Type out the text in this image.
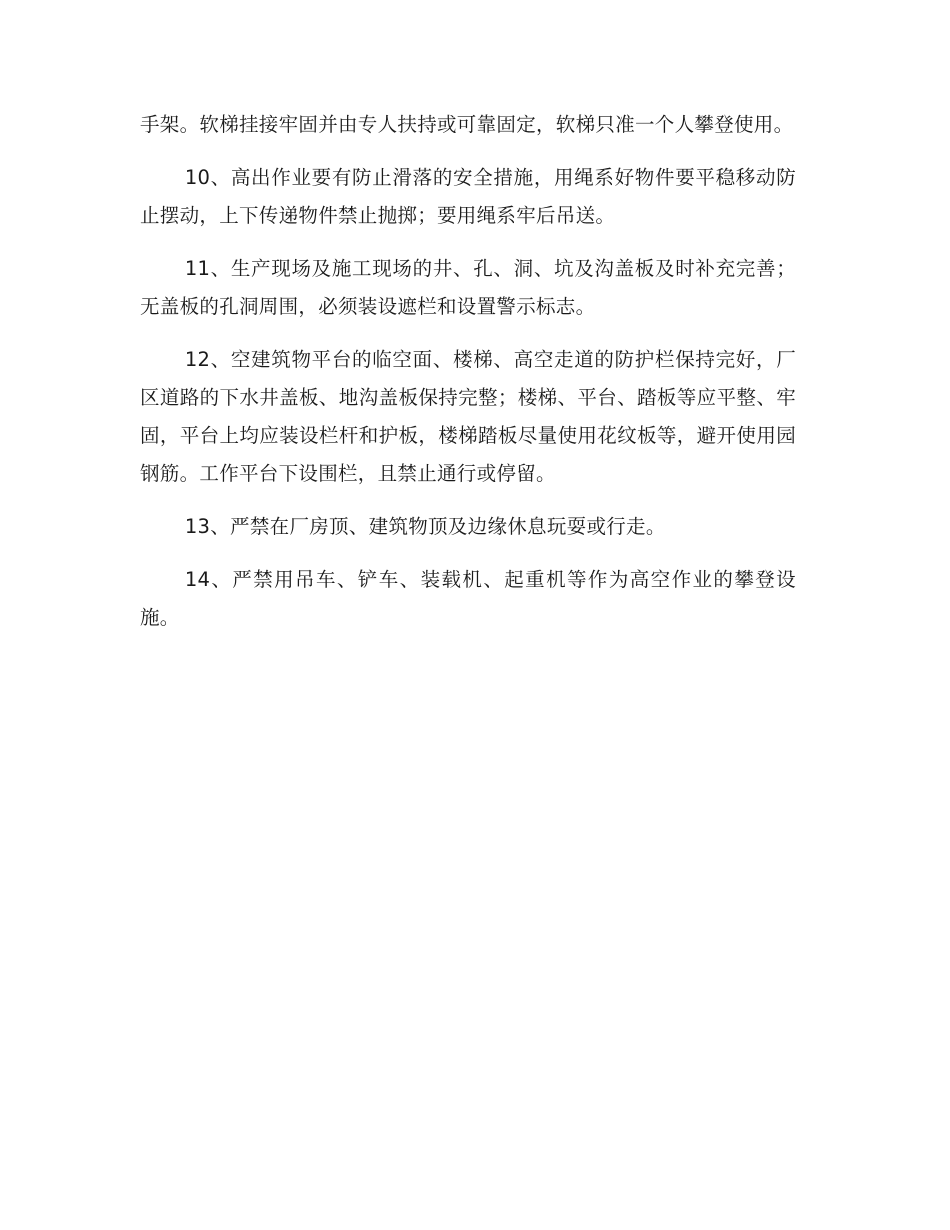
手架。软梯挂接牢固并由专人扶持或可靠固定，软梯只准一个人攀登使用。

10、高出作业要有防止滑落的安全措施，用绳系好物件要平稳移动防止摆动，上下传递物件禁止抛掷；要用绳系牢后吊送。

11、生产现场及施工现场的井、孔、洞、坑及沟盖板及时补充完善；无盖板的孔洞周围，必须装设遮栏和设置警示标志。

12、空建筑物平台的临空面、楼梯、高空走道的防护栏保持完好，厂区道路的下水井盖板、地沟盖板保持完整；楼梯、平台、踏板等应平整、牢固，平台上均应装设栏杆和护板，楼梯踏板尽量使用花纹板等，避开使用园钢筋。工作平台下设围栏，且禁止通行或停留。

13、严禁在厂房顶、建筑物顶及边缘休息玩耍或行走。

14、严禁用吊车、铲车、装载机、起重机等作为高空作业的攀登设施。
